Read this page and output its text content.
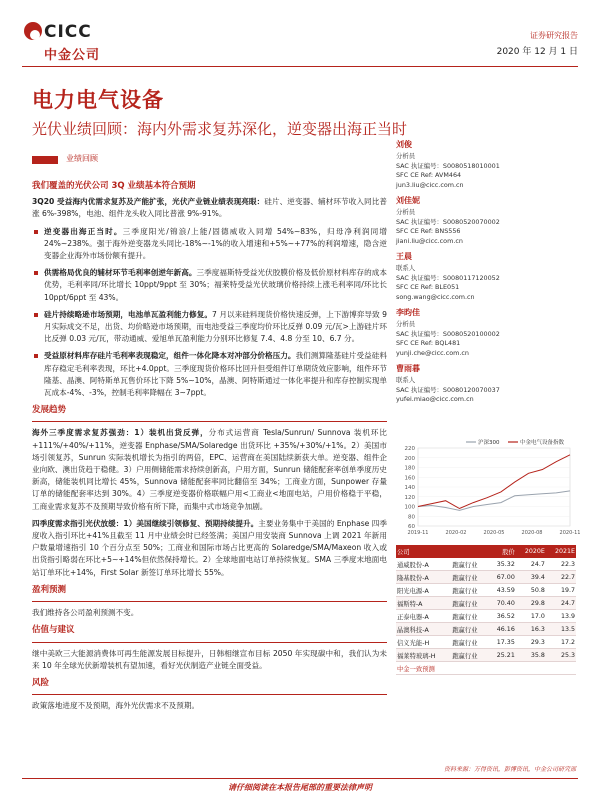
CICC
中金公司
证券研究报告
2020 年 12 月 1 日
电力电气设备
光伏业绩回顾：海内外需求复苏深化，逆变器出海正当时
业绩回顾
我们覆盖的光伏公司 3Q 业绩基本符合预期
3Q20 受益海内优需求复苏及产能扩张，光伏产业链业绩表现亮眼：硅片、逆变器、辅材环节收入同比普涨 6%-398%，电池、组件龙头收入同比普涨 9%-91%。
逆变器出海正当时。三季度阳光/锦浪/上能/固德威收入同增 54%~83%，归母净利润同增 24%~238%。强于海外逆变器龙头同比-18%~-1%的收入增速和+5%~+77%的利润增速，隐含逆变器企业海外市场份额有提升。
供需格局优良的辅材环节毛利率创逆年新高。三季度福斯特受益光伏胶膜价格及低价原材料库存的成本优势，毛利率同/环比增长 10ppt/9ppt 至 30%；福莱特受益光伏玻璃价格持续上涨毛利率同/环比长 10ppt/6ppt 至 43%。
硅片持续略逊市场预期，电池单瓦盈利能力修复。7 月以来硅料现货价格快速反弹，上下游博弈导致 9 月实际成交不足，出货、均价略逊市场预期，而电池受益三季度均价环比反弹 0.09 元/瓦>上游硅片环比反弹 0.03 元/瓦，带动通威、爱旭单瓦盈利能力分别环比修复 7.4、4.8 分至 10、6.7 分。
受益原材料库存硅片毛利率表现稳定，组件一体化降本对冲部分价格压力。我们测算隆基硅片受益硅料库存稳定毛利率表现，环比+4.0ppt。三季度现货价格环比回升但受组件订单期货效应影响，组件环节隆基、晶澳、阿特斯单瓦售价环比下降 5%~10%，晶澳、阿特斯通过一体化率提升和库存控制实现单瓦成本-4%、-3%，控制毛利率降幅在 3~7ppt。
发展趋势
海外三季度需求复苏强劲：1）装机出货反弹，分布式运营商 Tesla/Sunrun/ Sunnova 装机环比 +111%/+40%/+11%，逆变器 Enphase/SMA/Solaredge 出货环比 +35%/+30%/+1%。2）美国市场引领复苏，Sunrun 实际装机增长为指引的两倍，EPC、运营商在美国陆续新获大单。逆变器、组件企业向欧、澳出货趋于稳健。3）户用侧储能需求持续创新高，户用方面，Sunrun 储能配套率创单季度历史新高，储能装机同比增长 45%，Sunnova 储能配套率同比翻倍至 34%；工商业方面，Sunpower 存量订单的储能配套率达到 30%。4）三季度逆变器价格联幅户用<工商业<地面电站，户用价格稳于平稳，工商业需求复苏不及预期导致价格有所下降，而集中式市场竞争加剧。
四季度需求指引光伏放缓：1）美国继续引领修复、预期持续提升。主要业务集中于美国的 Enphase 四季度收入指引环比+41%且截至 11 月中业绩会时已经签满；美国户用安装商 Sunnova 上调 2021 年新用户数量增速指引 10 个百分点至 50%；工商业和国际市场占比更高的 Solaredge/SMA/Maxeon 收入或出货指引略弱在环比+5~+14%但依然保持增长。2）全球地面电站订单持续恢复。SMA 三季度末地面电站订单环比+14%，First Solar 新签订单环比增长 55%。
盈利预测
我们维持各公司盈利预测不变。
估值与建议
继中美欧三大能源消费体可再生能源发展目标提升，日韩相继宣布目标 2050 年实现碳中和，我们认为未来 10 年全球光伏新增装机有望加速，看好光伏制造产业链全面受益。
风险
政策落地进度不及预期，海外光伏需求不及预期。
刘俊
分析员
SAC 执证编号：S0080518010001
SFC CE Ref: AVM464
jun3.liu@cicc.com.cn
刘佳妮
分析员
SAC 执证编号：S0080520070002
SFC CE Ref: BNS556
jiani.liu@cicc.com.cn
王晨
联系人
SAC 执证编号：S0080117120052
SFC CE Ref: BLE051
song.wang@cicc.com.cn
李昀佳
分析员
SAC 执证编号：S0080520100002
SFC CE Ref: BQL481
yunji.che@cicc.com.cn
曹雨暮
联系人
SAC 执证编号：S0080120070037
yufei.miao@cicc.com.cn
60
80
100
120
140
160
180
200
220
2019-11	2020-02	2020-05	2020-08	2020-11
沪深300	中金电气设备指数
公司		股价	2020E	2021E
通威股份-A	跑赢行业	35.32	24.7	22.3
隆基股份-A	跑赢行业	67.00	39.4	22.7
阳光电源-A	跑赢行业	43.59	50.8	19.7
福斯特-A	跑赢行业	70.40	29.8	24.7
正泰电器-A	跑赢行业	36.52	17.0	13.9
晶澳科技-A	跑赢行业	46.16	16.3	13.5
信义光能-H	跑赢行业	17.35	29.3	17.2
福莱特玻璃-H	跑赢行业	25.21	35.8	25.3
中金一致预测				
资料来源：万得资讯，彭博资讯，中金公司研究部
请仔细阅读在本报告尾部的重要法律声明
